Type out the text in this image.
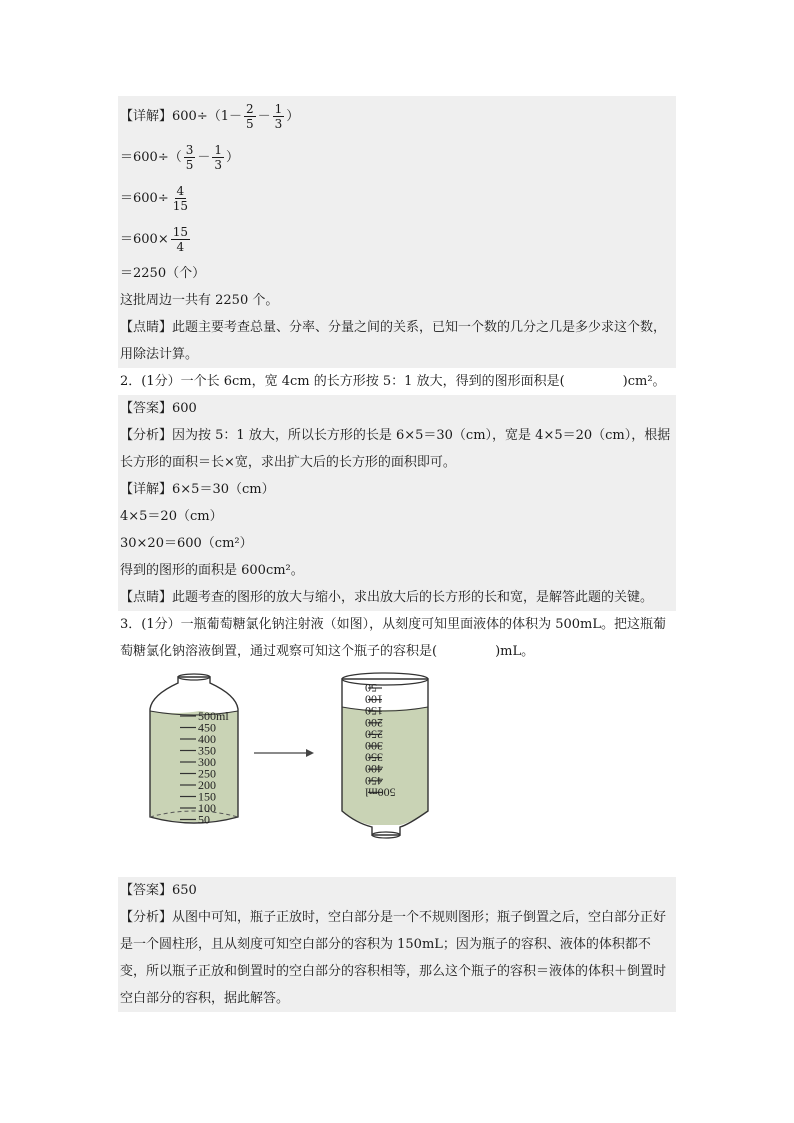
【详解】 $600\div(1- \frac{2}{5} - \frac{1}{3}$ ）
$=600\div( \frac{3}{5} - \frac{1}{3}$ ）
$=600\div \frac{4}{15}$
$=600\times \frac{15}{4}$
＝2250（个）
这批周边一共有 2250 个。
【点睛】此题主要考查总量、分率、分量之间的关系，已知一个数的几分之几是多少求这个数，用除法计算。
2．(1分）一个长 6cm，宽 4cm 的长方形按 5：1 放大，得到的图形面积是(	)cm²。
【答案】600
【分析】因为按 5：1 放大，所以长方形的长是 6×5＝30（cm），宽是 4×5＝20（cm），根据长方形的面积＝长×宽，求出扩大后的长方形的面积即可。
【详解】6×5＝30（cm）
4×5＝20（cm）
30×20＝600（cm²）
得到的图形的面积是 600cm²。
【点睛】此题考查的图形的放大与缩小，求出放大后的长方形的长和宽，是解答此题的关键。
3．(1分）一瓶葡萄糖氯化钠注射液（如图），从刻度可知里面液体的体积为 500mL。把这瓶葡萄糖氯化钠溶液倒置，通过观察可知这个瓶子的容积是(	)mL。
500ml
450
400
350
300
250
200
150
100
50
50
100
150
200
250
300
350
400
450
500ml
【答案】650
【分析】从图中可知，瓶子正放时，空白部分是一个不规则图形；瓶子倒置之后，空白部分正好是一个圆柱形，且从刻度可知空白部分的容积为 150mL；因为瓶子的容积、液体的体积都不变，所以瓶子正放和倒置时的空白部分的容积相等，那么这个瓶子的容积＝液体的体积＋倒置时空白部分的容积，据此解答。
